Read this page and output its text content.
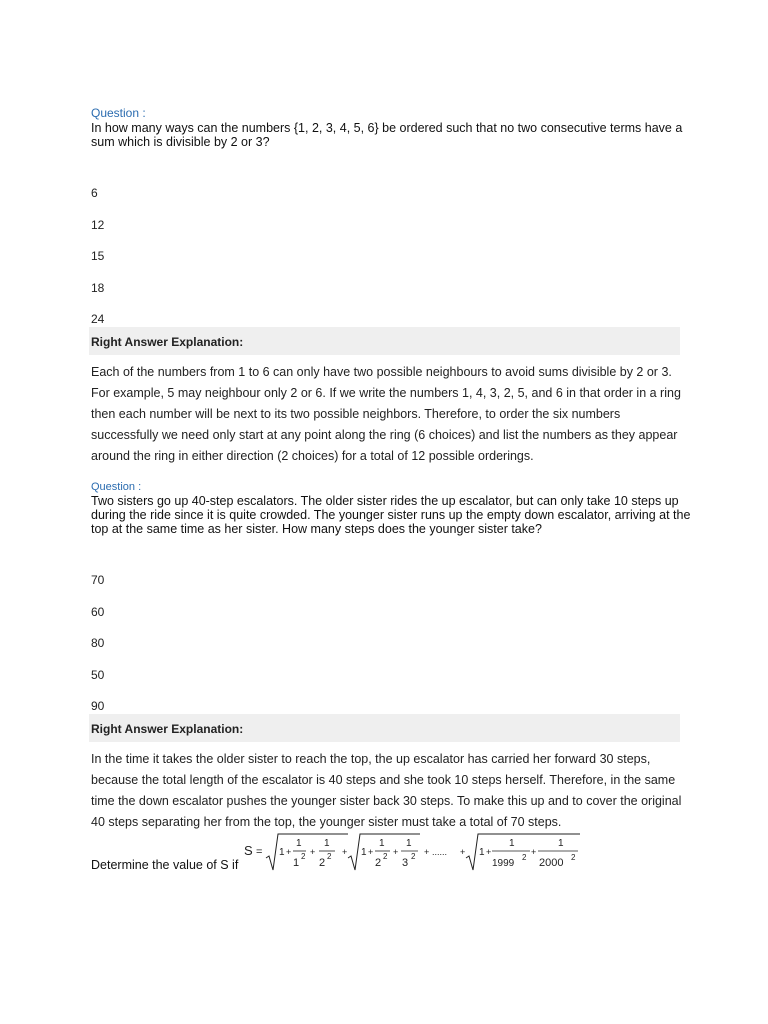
Question :
In how many ways can the numbers {1, 2, 3, 4, 5, 6} be ordered such that no two consecutive terms have a sum which is divisible by 2 or 3?
6
12
15
18
24
Right Answer Explanation:
Each of the numbers from 1 to 6 can only have two possible neighbours to avoid sums divisible by 2 or 3. For example, 5 may neighbour only 2 or 6. If we write the numbers 1, 4, 3, 2, 5, and 6 in that order in a ring then each number will be next to its two possible neighbors. Therefore, to order the six numbers successfully we need only start at any point along the ring (6 choices) and list the numbers as they appear around the ring in either direction (2 choices) for a total of 12 possible orderings.
Question :
Two sisters go up 40-step escalators. The older sister rides the up escalator, but can only take 10 steps up during the ride since it is quite crowded. The younger sister runs up the empty down escalator, arriving at the top at the same time as her sister. How many steps does the younger sister take?
70
60
80
50
90
Right Answer Explanation:
In the time it takes the older sister to reach the top, the up escalator has carried her forward 30 steps, because the total length of the escalator is 40 steps and she took 10 steps herself. Therefore, in the same time the down escalator pushes the younger sister back 30 steps. To make this up and to cover the original 40 steps separating her from the top, the younger sister must take a total of 70 steps.
Determine the value of S if
S = 1 +
1
1
2 +
1
2
2 + 1 +
1
2
2 +
1
3
2 + ...... + 1 +
1
1999
2
+
1
2000 2
